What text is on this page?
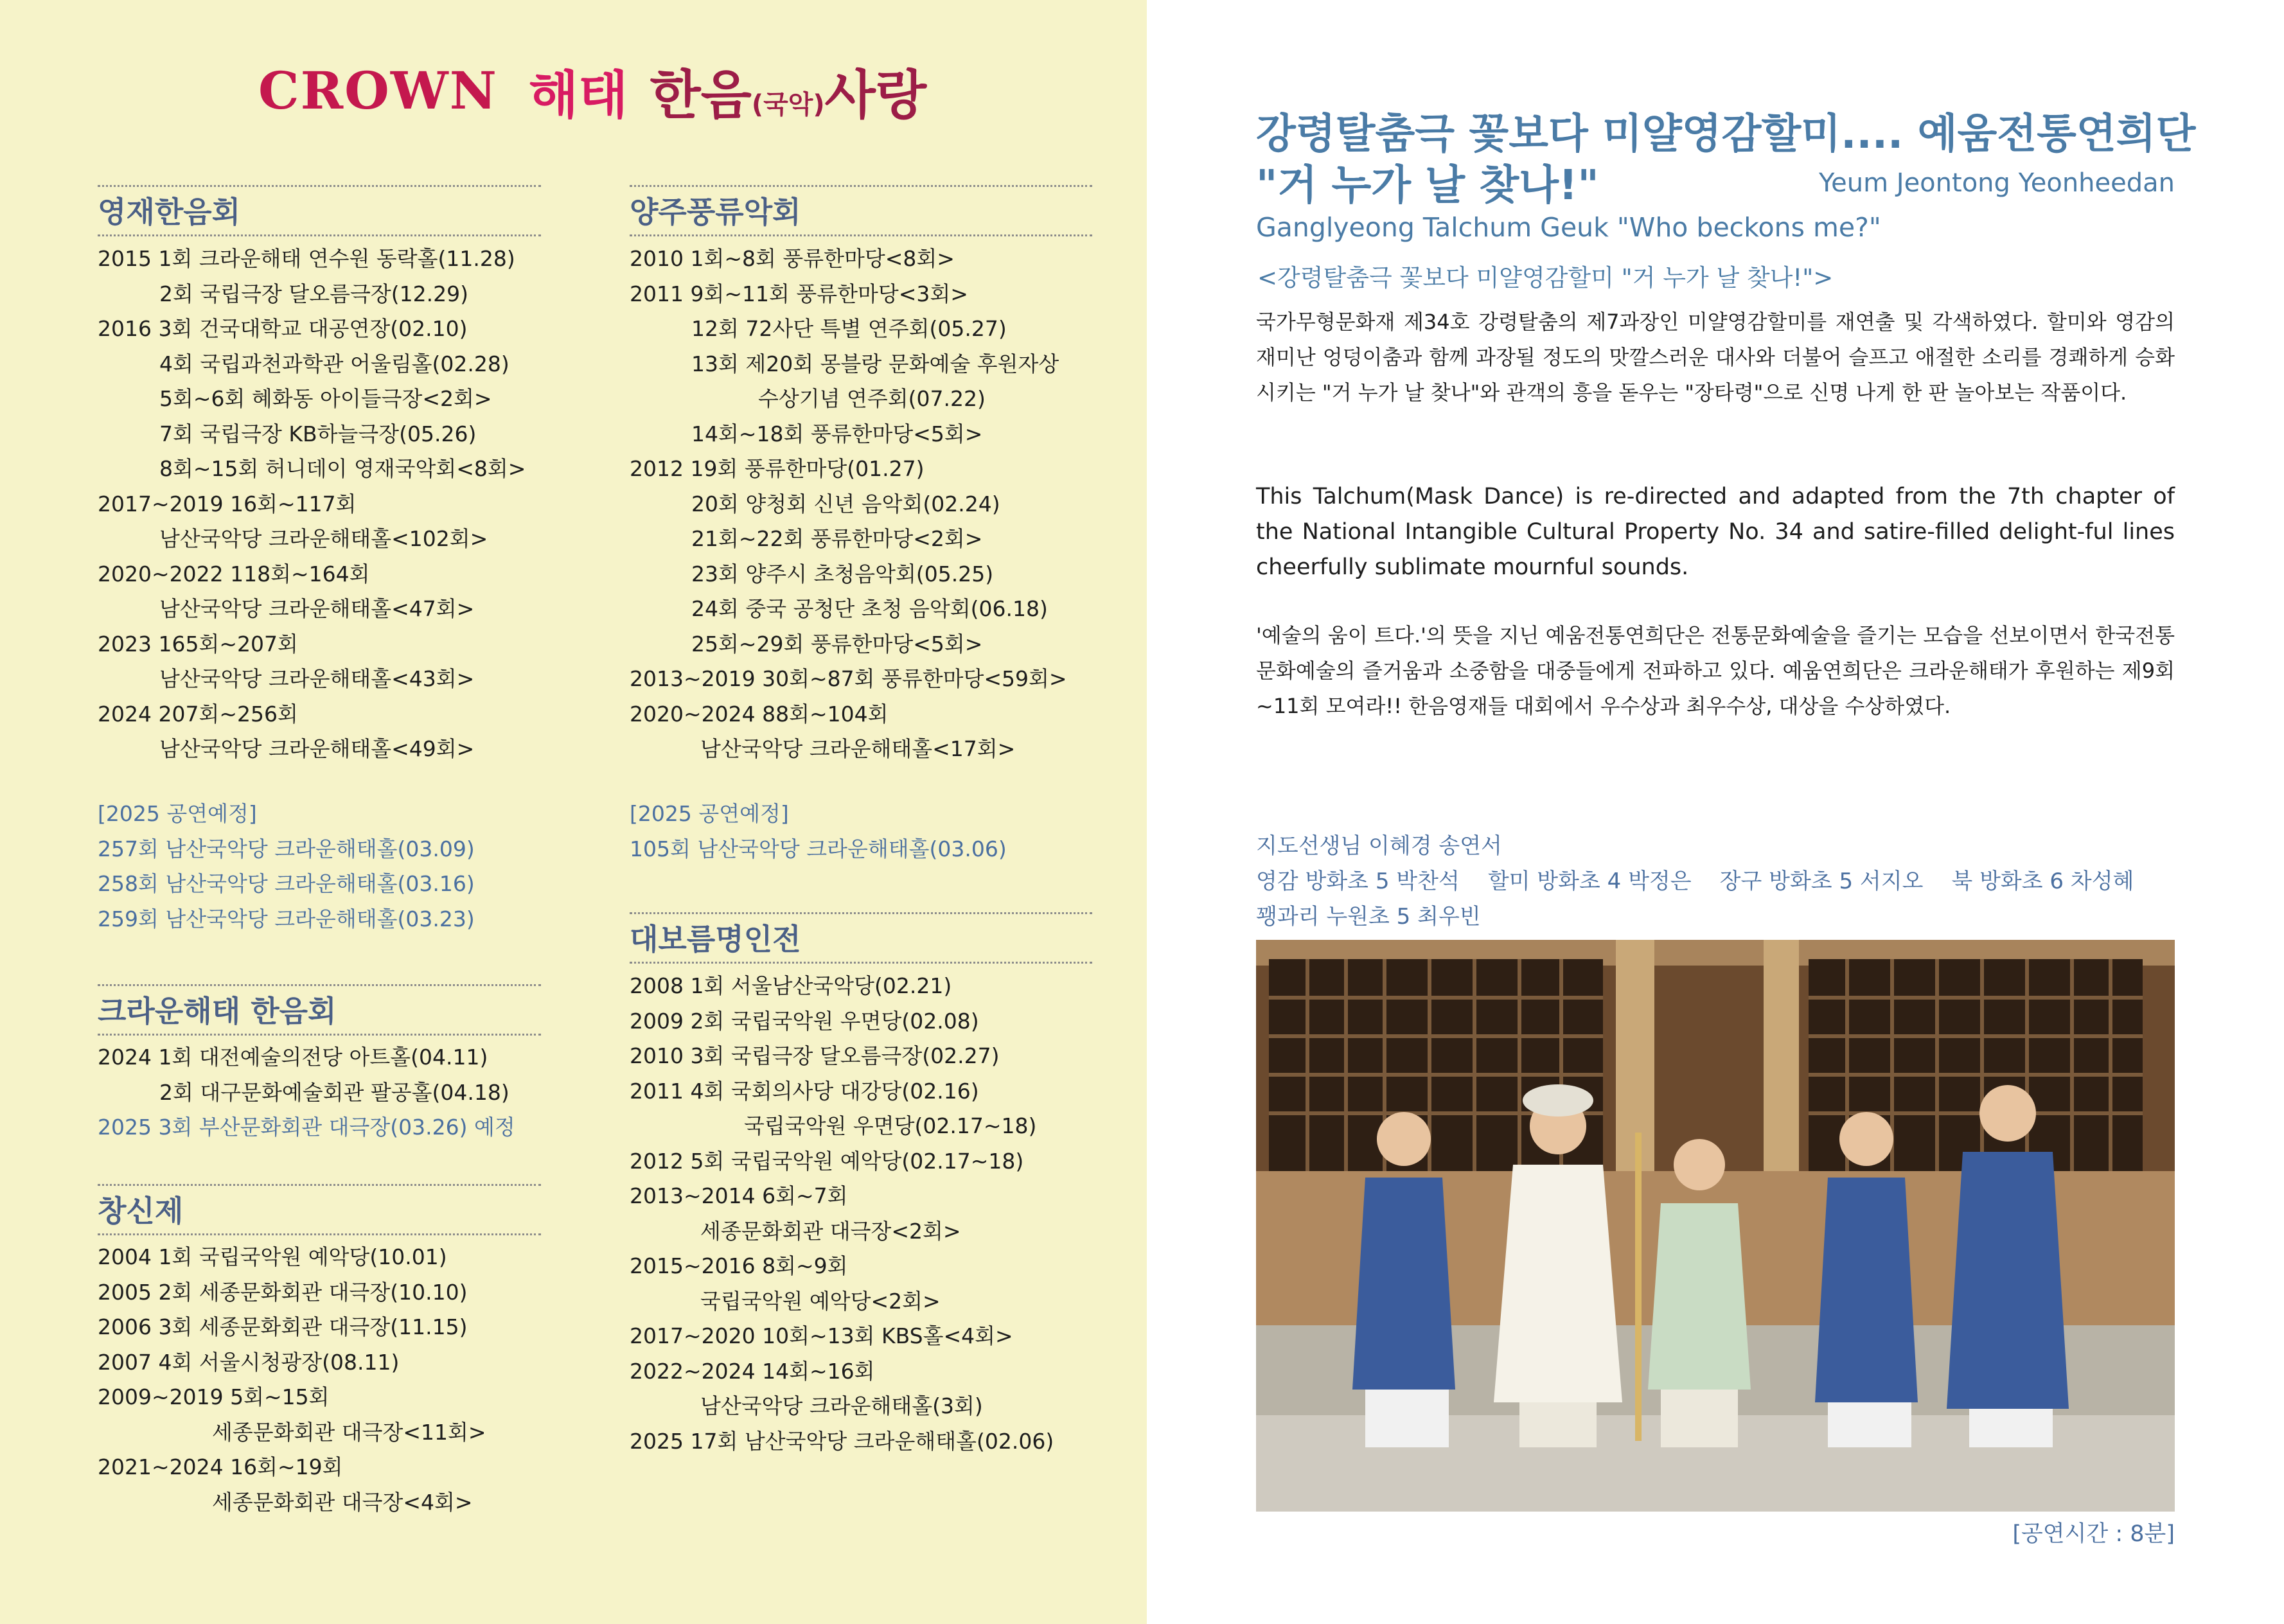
CROWN 해태 한음(국악)사랑
영재한음회
2015 1회 크라운해태 연수원 동락홀(11.28)
2회 국립극장 달오름극장(12.29)
2016 3회 건국대학교 대공연장(02.10)
4회 국립과천과학관 어울림홀(02.28)
5회~6회 혜화동 아이들극장<2회>
7회 국립극장 KB하늘극장(05.26)
8회~15회 허니데이 영재국악회<8회>
2017~2019 16회~117회
남산국악당 크라운해태홀<102회>
2020~2022 118회~164회
남산국악당 크라운해태홀<47회>
2023 165회~207회
남산국악당 크라운해태홀<43회>
2024 207회~256회
남산국악당 크라운해태홀<49회>
[2025 공연예정]
257회 남산국악당 크라운해태홀(03.09)
258회 남산국악당 크라운해태홀(03.16)
259회 남산국악당 크라운해태홀(03.23)
크라운해태 한음회
2024 1회 대전예술의전당 아트홀(04.11)
2회 대구문화예술회관 팔공홀(04.18)
2025 3회 부산문화회관 대극장(03.26) 예정
창신제
2004 1회 국립국악원 예악당(10.01)
2005 2회 세종문화회관 대극장(10.10)
2006 3회 세종문화회관 대극장(11.15)
2007 4회 서울시청광장(08.11)
2009~2019 5회~15회
세종문화회관 대극장<11회>
2021~2024 16회~19회
세종문화회관 대극장<4회>
양주풍류악회
2010 1회~8회 풍류한마당<8회>
2011 9회~11회 풍류한마당<3회>
12회 72사단 특별 연주회(05.27)
13회 제20회 몽블랑 문화예술 후원자상
수상기념 연주회(07.22)
14회~18회 풍류한마당<5회>
2012 19회 풍류한마당(01.27)
20회 양청회 신년 음악회(02.24)
21회~22회 풍류한마당<2회>
23회 양주시 초청음악회(05.25)
24회 중국 공청단 초청 음악회(06.18)
25회~29회 풍류한마당<5회>
2013~2019 30회~87회 풍류한마당<59회>
2020~2024 88회~104회
남산국악당 크라운해태홀<17회>
[2025 공연예정]
105회 남산국악당 크라운해태홀(03.06)
대보름명인전
2008 1회 서울남산국악당(02.21)
2009 2회 국립국악원 우면당(02.08)
2010 3회 국립극장 달오름극장(02.27)
2011 4회 국회의사당 대강당(02.16)
국립국악원 우면당(02.17~18)
2012 5회 국립국악원 예악당(02.17~18)
2013~2014 6회~7회
세종문화회관 대극장<2회>
2015~2016 8회~9회
국립국악원 예악당<2회>
2017~2020 10회~13회 KBS홀<4회>
2022~2024 14회~16회
남산국악당 크라운해태홀(3회)
2025 17회 남산국악당 크라운해태홀(02.06)
강령탈춤극 꽃보다 미얄영감할미.... 예움전통연희단
"거 누가 날 찾나!"	Yeum Jeontong Yeonheedan
Ganglyeong Talchum Geuk "Who beckons me?"
<강령탈춤극 꽃보다 미얄영감할미 "거 누가 날 찾나!">

국가무형문화재 제34호 강령탈춤의 제7과장인 미얄영감할미를 재연출 및 각색하였다. 할미와 영감의 재미난 엉덩이춤과 함께 과장될 정도의 맛깔스러운 대사와 더불어 슬프고 애절한 소리를 경쾌하게 승화시키는 "거 누가 날 찾나"와 관객의 흥을 돋우는 "장타령"으로 신명 나게 한 판 놀아보는 작품이다.

This Talchum(Mask Dance) is re-directed and adapted from the 7th chapter of the National Intangible Cultural Property No. 34 and satire-filled delight-ful lines cheerfully sublimate mournful sounds.

'예술의 움이 트다.'의 뜻을 지닌 예움전통연희단은 전통문화예술을 즐기는 모습을 선보이면서 한국전통문화예술의 즐거움과 소중함을 대중들에게 전파하고 있다. 예움연희단은 크라운해태가 후원하는 제9회~11회 모여라!! 한음영재들 대회에서 우수상과 최우수상, 대상을 수상하였다.

지도선생님 이혜경 송연서
영감 방화초 5 박찬석 할미 방화초 4 박정은 장구 방화초 5 서지오 북 방화초 6 차성혜
꽹과리 누원초 5 최우빈
[공연시간 : 8분]
